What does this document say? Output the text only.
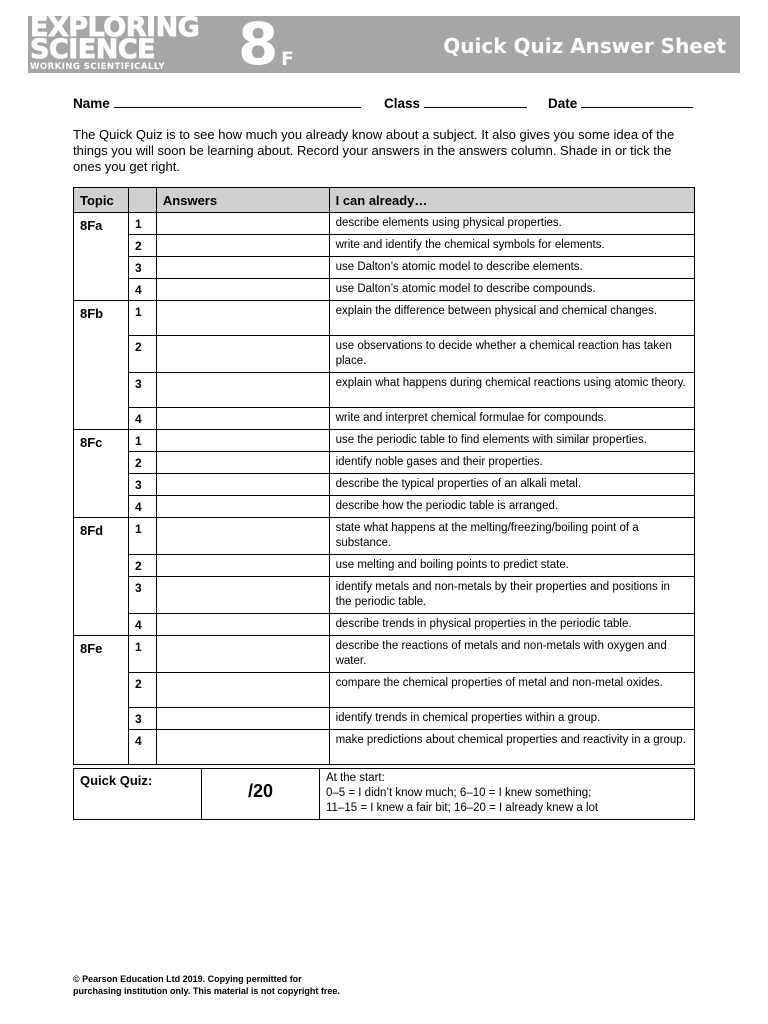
EXPLORING
SCIENCE
WORKING SCIENTIFICALLY	8 F
Quick Quiz Answer Sheet
Name	Class	Date
The Quick Quiz is to see how much you already know about a subject. It also gives you some idea of the things you will soon be learning about. Record your answers in the answers column. Shade in or tick the ones you get right.
Topic		Answers	I can already…
8Fa	1		describe elements using physical properties.
	2		write and identify the chemical symbols for elements.
	3		use Dalton’s atomic model to describe elements.
	4		use Dalton’s atomic model to describe compounds.
8Fb	1		explain the difference between physical and chemical changes.
	2		use observations to decide whether a chemical reaction has taken place.
	3		explain what happens during chemical reactions using atomic theory.
	4		write and interpret chemical formulae for compounds.
8Fc	1		use the periodic table to find elements with similar properties.
	2		identify noble gases and their properties.
	3		describe the typical properties of an alkali metal.
	4		describe how the periodic table is arranged.
8Fd	1		state what happens at the melting/freezing/boiling point of a substance.
	2		use melting and boiling points to predict state.
	3		identify metals and non-metals by their properties and positions in the periodic table.
	4		describe trends in physical properties in the periodic table.
8Fe	1		describe the reactions of metals and non-metals with oxygen and water.
	2		compare the chemical properties of metal and non-metal oxides.
	3		identify trends in chemical properties within a group.
	4		make predictions about chemical properties and reactivity in a group.
Quick Quiz:	/20	
At the start:
0–5 = I didn’t know much; 6–10 = I knew something;
11–15 = I knew a fair bit; 16–20 = I already knew a lot
© Pearson Education Ltd 2019. Copying permitted for
purchasing institution only. This material is not copyright free.
